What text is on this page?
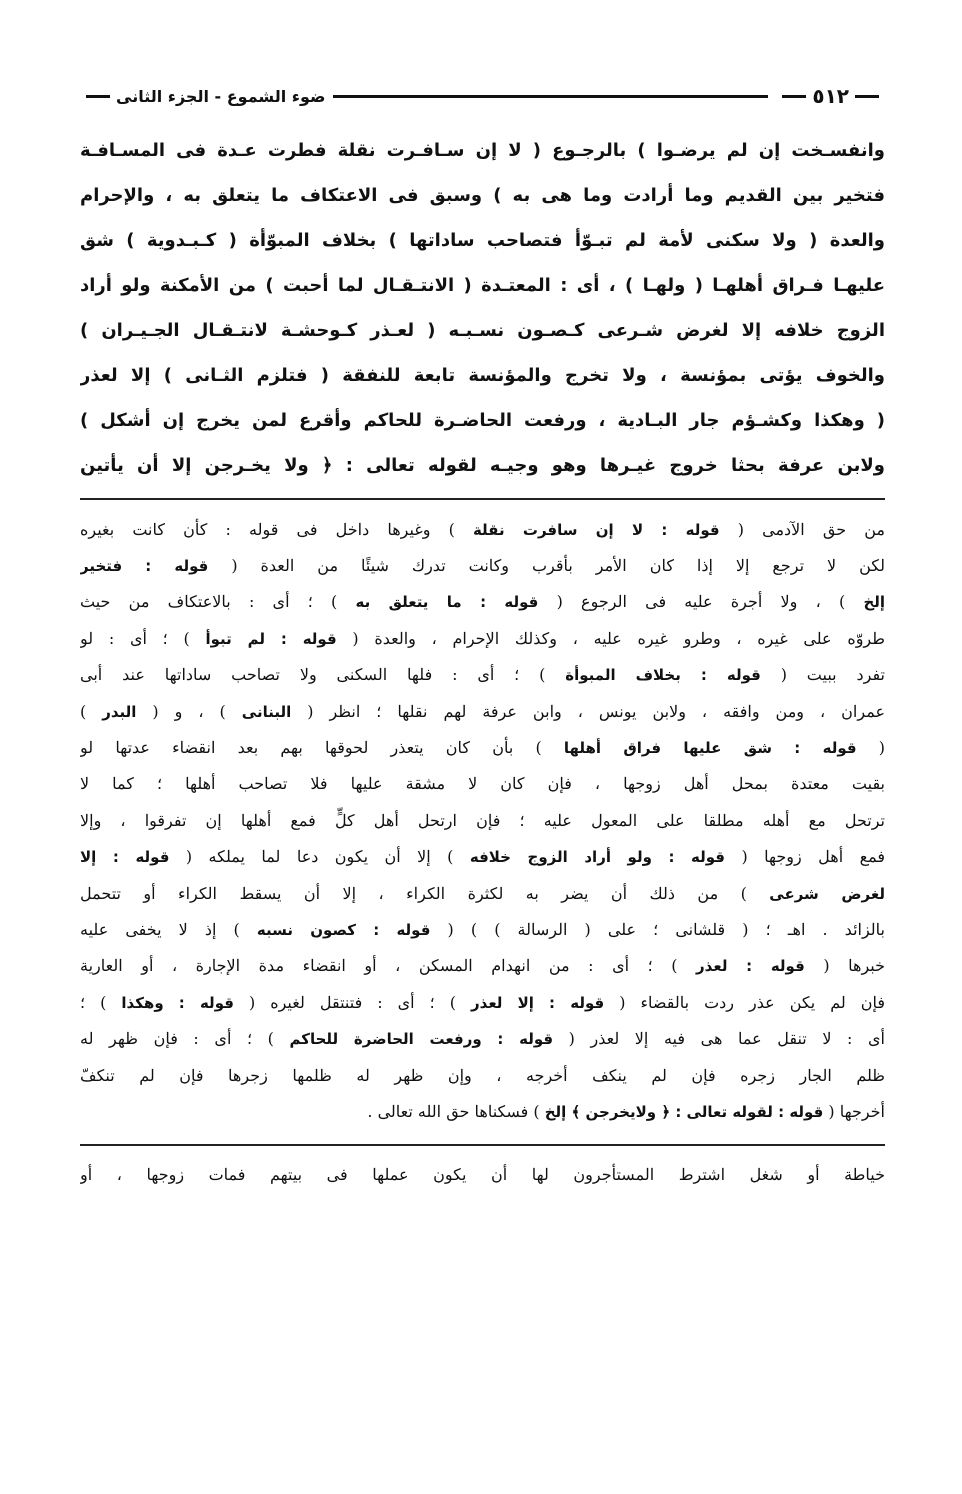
٥١٢
ضوء الشموع - الجزء الثانى
وانفسـخت إن لم يرضـوا ) بالرجـوع ( لا إن سـافـرت نقلة فطرت عـدة فى المسـافـة
فتخير بين القديم وما أرادت وما هى به ) وسبق فى الاعتكاف ما يتعلق به ، والإحرام
والعدة ( ولا سكنى لأمة لم تبـوّأ فتصاحب ساداتها ) بخلاف المبوّأة ( كـبـدوية ) شق
عليهـا فـراق أهلهـا ( ولهـا ) ، أى : المعتـدة ( الانتـقـال لما أحبت ) من الأمكنة ولو أراد
الزوج خلافه إلا لغرض شـرعى كـصـون نسـبـه ( لعـذر كـوحشـة لانتـقـال الجـيـران )
والخوف يؤتى بمؤنسة ، ولا تخرج والمؤنسة تابعة للنفقة ( فتلزم الثـانى ) إلا لعذر
( وهكذا وكشـؤم جار البـادية ، ورفعت الحاضـرة للحاكم وأقرع لمن يخرج إن أشكل )
ولابن عرفة بحثا خروج غيـرها وهو وجيـه لقوله تعالى : ﴿ ولا يخـرجن إلا أن يأتين
من حق الآدمى ( قوله : لا إن سافرت نقلة ) وغيرها داخل فى قوله : كأن كانت بغيره
لكن لا ترجع إلا إذا كان الأمر بأقرب وكانت تدرك شيئًا من العدة ( قوله : فتخير
إلخ ) ، ولا أجرة عليه فى الرجوع ( قوله : ما يتعلق به ) ؛ أى : بالاعتكاف من حيث
طروّه على غيره ، وطرو غيره عليه ، وكذلك الإحرام ، والعدة ( قوله : لم تبوأ ) ؛ أى : لو
تفرد ببيت ( قوله : بخلاف المبوأة ) ؛ أى : فلها السكنى ولا تصاحب ساداتها عند أبى
عمران ، ومن وافقه ، ولابن يونس ، وابن عرفة لهم نقلها ؛ انظر ( البنانى ) ، و ( البدر )
( قوله : شق عليها فراق أهلها ) بأن كان يتعذر لحوقها بهم بعد انقضاء عدتها لو
بقيت معتدة بمحل أهل زوجها ، فإن كان لا مشقة عليها فلا تصاحب أهلها ؛ كما لا
ترتحل مع أهله مطلقا على المعول عليه ؛ فإن ارتحل أهل كلٍّ فمع أهلها إن تفرقوا ، وإلا
فمع أهل زوجها ( قوله : ولو أراد الزوج خلافه ) إلا أن يكون دعا لما يملكه ( قوله : إلا
لغرض شرعى ) من ذلك أن يضر به لكثرة الكراء ، إلا أن يسقط الكراء أو تتحمل
بالزائد . اهـ ؛ ( قلشانى ؛ على ( الرسالة ) ) ( قوله : كصون نسبه ) إذ لا يخفى عليه
خبرها ( قوله : لعذر ) ؛ أى : من انهدام المسكن ، أو انقضاء مدة الإجارة ، أو العارية
فإن لم يكن عذر ردت بالقضاء ( قوله : إلا لعذر ) ؛ أى : فتنتقل لغيره ( قوله : وهكذا ) ؛
أى : لا تنقل عما هى فيه إلا لعذر ( قوله : ورفعت الحاضرة للحاكم ) ؛ أى : فإن ظهر له
ظلم الجار زجره فإن لم ينكف أخرجه ، وإن ظهر له ظلمها زجرها فإن لم تنكفّ
أخرجها ( قوله : لقوله تعالى : ﴿ ولايخرجن ﴾ إلخ ) فسكناها حق الله تعالى .
خياطة أو شغل اشترط المستأجرون لها أن يكون عملها فى بيتهم فمات زوجها ، أو
